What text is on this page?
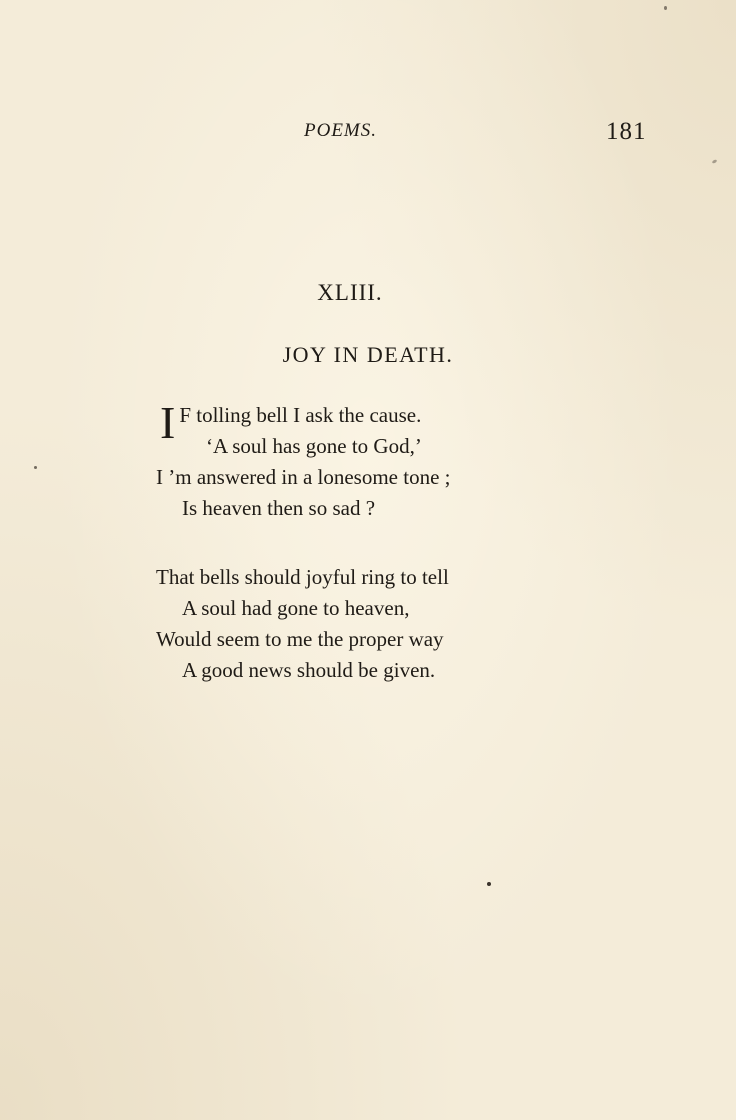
POEMS.	181
XLIII.
JOY IN DEATH.
I F tolling bell I ask the cause.
‘A soul has gone to God,’
I ’m answered in a lonesome tone ;
Is heaven then so sad ?
That bells should joyful ring to tell
A soul had gone to heaven,
Would seem to me the proper way
A good news should be given.
